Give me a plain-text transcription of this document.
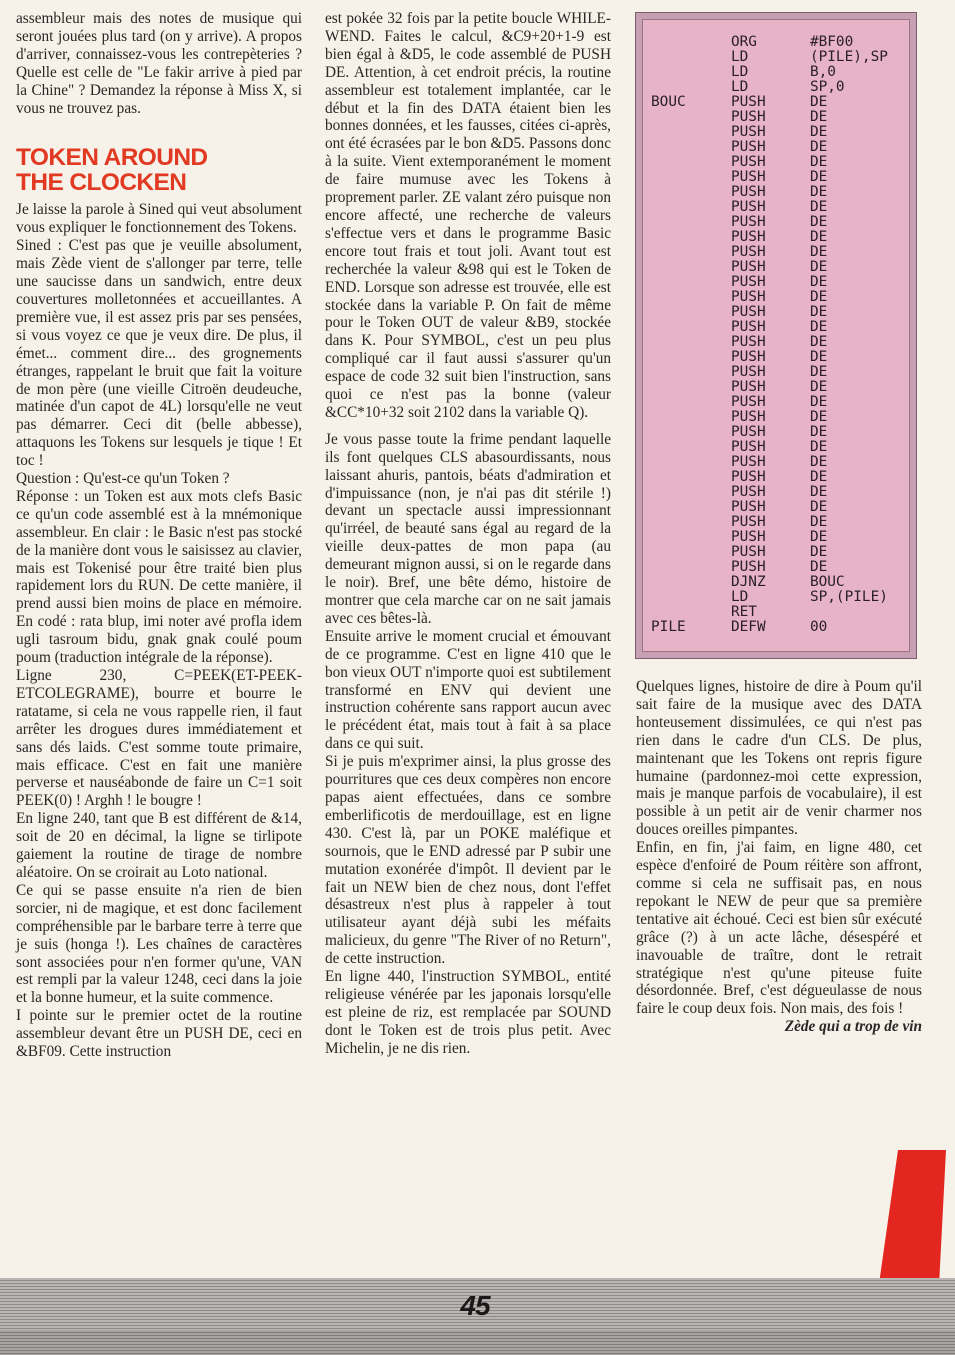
assembleur mais des notes de musique qui seront jouées plus tard (on y arrive). A propos d'arriver, connaissez-vous les contrepèteries ? Quelle est celle de "Le fakir arrive à pied par la Chine" ? Demandez la réponse à Miss X, si vous ne trouvez pas.

TOKEN AROUND
THE CLOCKEN

Je laisse la parole à Sined qui veut absolument vous expliquer le fonctionnement des Tokens.

Sined : C'est pas que je veuille absolument, mais Zède vient de s'allonger par terre, telle une saucisse dans un sandwich, entre deux couvertures molletonnées et accueillantes. A première vue, il est assez pris par ses pensées, si vous voyez ce que je veux dire. De plus, il émet... comment dire... des grognements étranges, rappelant le bruit que fait la voiture de mon père (une vieille Citroën deudeuche, matinée d'un capot de 4L) lorsqu'elle ne veut pas démarrer. Ceci dit (belle abbesse), attaquons les Tokens sur lesquels je tique ! Et toc !

Question : Qu'est-ce qu'un Token ?

Réponse : un Token est aux mots clefs Basic ce qu'un code assemblé est à la mnémonique assembleur. En clair : le Basic n'est pas stocké de la manière dont vous le saisissez au clavier, mais est Tokenisé pour être traité bien plus rapidement lors du RUN. De cette manière, il prend aussi bien moins de place en mémoire. En codé : rata blup, imi noter avé profla idem ugli tasroum bidu, gnak gnak coulé poum poum (traduction intégrale de la réponse).

Ligne 230, C=PEEK(ET-PEEK-ETCOLEGRAME), bourre et bourre le ratatame, si cela ne vous rappelle rien, il faut arrêter les drogues dures immédiatement et sans dés laids. C'est somme toute primaire, mais efficace. C'est en fait une manière perverse et nauséabonde de faire un C=1 soit PEEK(0) ! Arghh ! le bougre !

En ligne 240, tant que B est différent de &14, soit de 20 en décimal, la ligne se tirlipote gaiement la routine de tirage de nombre aléatoire. On se croirait au Loto national.

Ce qui se passe ensuite n'a rien de bien sorcier, ni de magique, et est donc facilement compréhensible par le barbare terre à terre que je suis (honga !). Les chaînes de caractères sont associées pour n'en former qu'une, VAN est rempli par la valeur 1248, ceci dans la joie et la bonne humeur, et la suite commence.

I pointe sur le premier octet de la routine assembleur devant être un PUSH DE, ceci en &BF09. Cette instruction

est pokée 32 fois par la petite boucle WHILE-WEND. Faites le calcul, &C9+20+1-9 est bien égal à &D5, le code assemblé de PUSH DE. Attention, à cet endroit précis, la routine assembleur est totalement implantée, car le début et la fin des DATA étaient bien les bonnes données, et les fausses, citées ci-après, ont été écrasées par le bon &D5. Passons donc à la suite. Vient extemporanément le moment de faire mumuse avec les Tokens à proprement parler. ZE valant zéro puisque non encore affecté, une recherche de valeurs s'effectue vers et dans le programme Basic encore tout frais et tout joli. Avant tout est recherchée la valeur &98 qui est le Token de END. Lorsque son adresse est trouvée, elle est stockée dans la variable P. On fait de même pour le Token OUT de valeur &B9, stockée dans K. Pour SYMBOL, c'est un peu plus compliqué car il faut aussi s'assurer qu'un espace de code 32 suit bien l'instruction, sans quoi ce n'est pas la bonne (valeur &CC*10+32 soit 2102 dans la variable Q).

Je vous passe toute la frime pendant laquelle ils font quelques CLS abasourdissants, nous laissant ahuris, pantois, béats d'admiration et d'impuissance (non, je n'ai pas dit stérile !) devant un spectacle aussi impressionnant qu'irréel, de beauté sans égal au regard de la vieille deux-pattes de mon papa (au demeurant mignon aussi, si on le regarde dans le noir). Bref, une bête démo, histoire de montrer que cela marche car on ne sait jamais avec ces bêtes-là.

Ensuite arrive le moment crucial et émouvant de ce programme. C'est en ligne 410 que le bon vieux OUT n'importe quoi est subtilement transformé en ENV qui devient une instruction cohérente sans rapport aucun avec le précédent état, mais tout à fait à sa place dans ce qui suit.

Si je puis m'exprimer ainsi, la plus grosse des pourritures que ces deux compères non encore papas aient effectuées, dans ce sombre emberlificotis de merdouillage, est en ligne 430. C'est là, par un POKE maléfique et sournois, que le END adressé par P subir une mutation exonérée d'impôt. Il devient par le fait un NEW bien de chez nous, dont l'effet désastreux n'est plus à rappeler à tout utilisateur ayant déjà subi les méfaits malicieux, du genre "The River of no Return", de cette instruction.

En ligne 440, l'instruction SYMBOL, entité religieuse vénérée par les japonais lorsqu'elle est pleine de riz, est remplacée par SOUND dont le Token est de trois plus petit. Avec Michelin, je ne dis rien.

	ORG	#BF00
	LD	(PILE),SP
	LD	B,0
	LD	SP,0
BOUC	PUSH	DE
	PUSH	DE
	PUSH	DE
	PUSH	DE
	PUSH	DE
	PUSH	DE
	PUSH	DE
	PUSH	DE
	PUSH	DE
	PUSH	DE
	PUSH	DE
	PUSH	DE
	PUSH	DE
	PUSH	DE
	PUSH	DE
	PUSH	DE
	PUSH	DE
	PUSH	DE
	PUSH	DE
	PUSH	DE
	PUSH	DE
	PUSH	DE
	PUSH	DE
	PUSH	DE
	PUSH	DE
	PUSH	DE
	PUSH	DE
	PUSH	DE
	PUSH	DE
	PUSH	DE
	PUSH	DE
	PUSH	DE
	DJNZ	BOUC
	LD	SP,(PILE)
	RET	
PILE	DEFW	00

Quelques lignes, histoire de dire à Poum qu'il sait faire de la musique avec des DATA honteusement dissimulées, ce qui n'est pas rien dans le cadre d'un CLS. De plus, maintenant que les Tokens ont repris figure humaine (pardonnez-moi cette expression, mais je manque parfois de vocabulaire), il est possible à un petit air de venir charmer nos douces oreilles pimpantes.

Enfin, en fin, j'ai faim, en ligne 480, cet espèce d'enfoiré de Poum réitère son affront, comme si cela ne suffisait pas, en nous repokant le NEW de peur que sa première tentative ait échoué. Ceci est bien sûr exécuté grâce (?) à un acte lâche, désespéré et inavouable de traître, dont le retrait stratégique n'est qu'une piteuse fuite désordonnée. Bref, c'est dégueulasse de nous faire le coup deux fois. Non mais, des fois !

Zède qui a trop de vin

45
